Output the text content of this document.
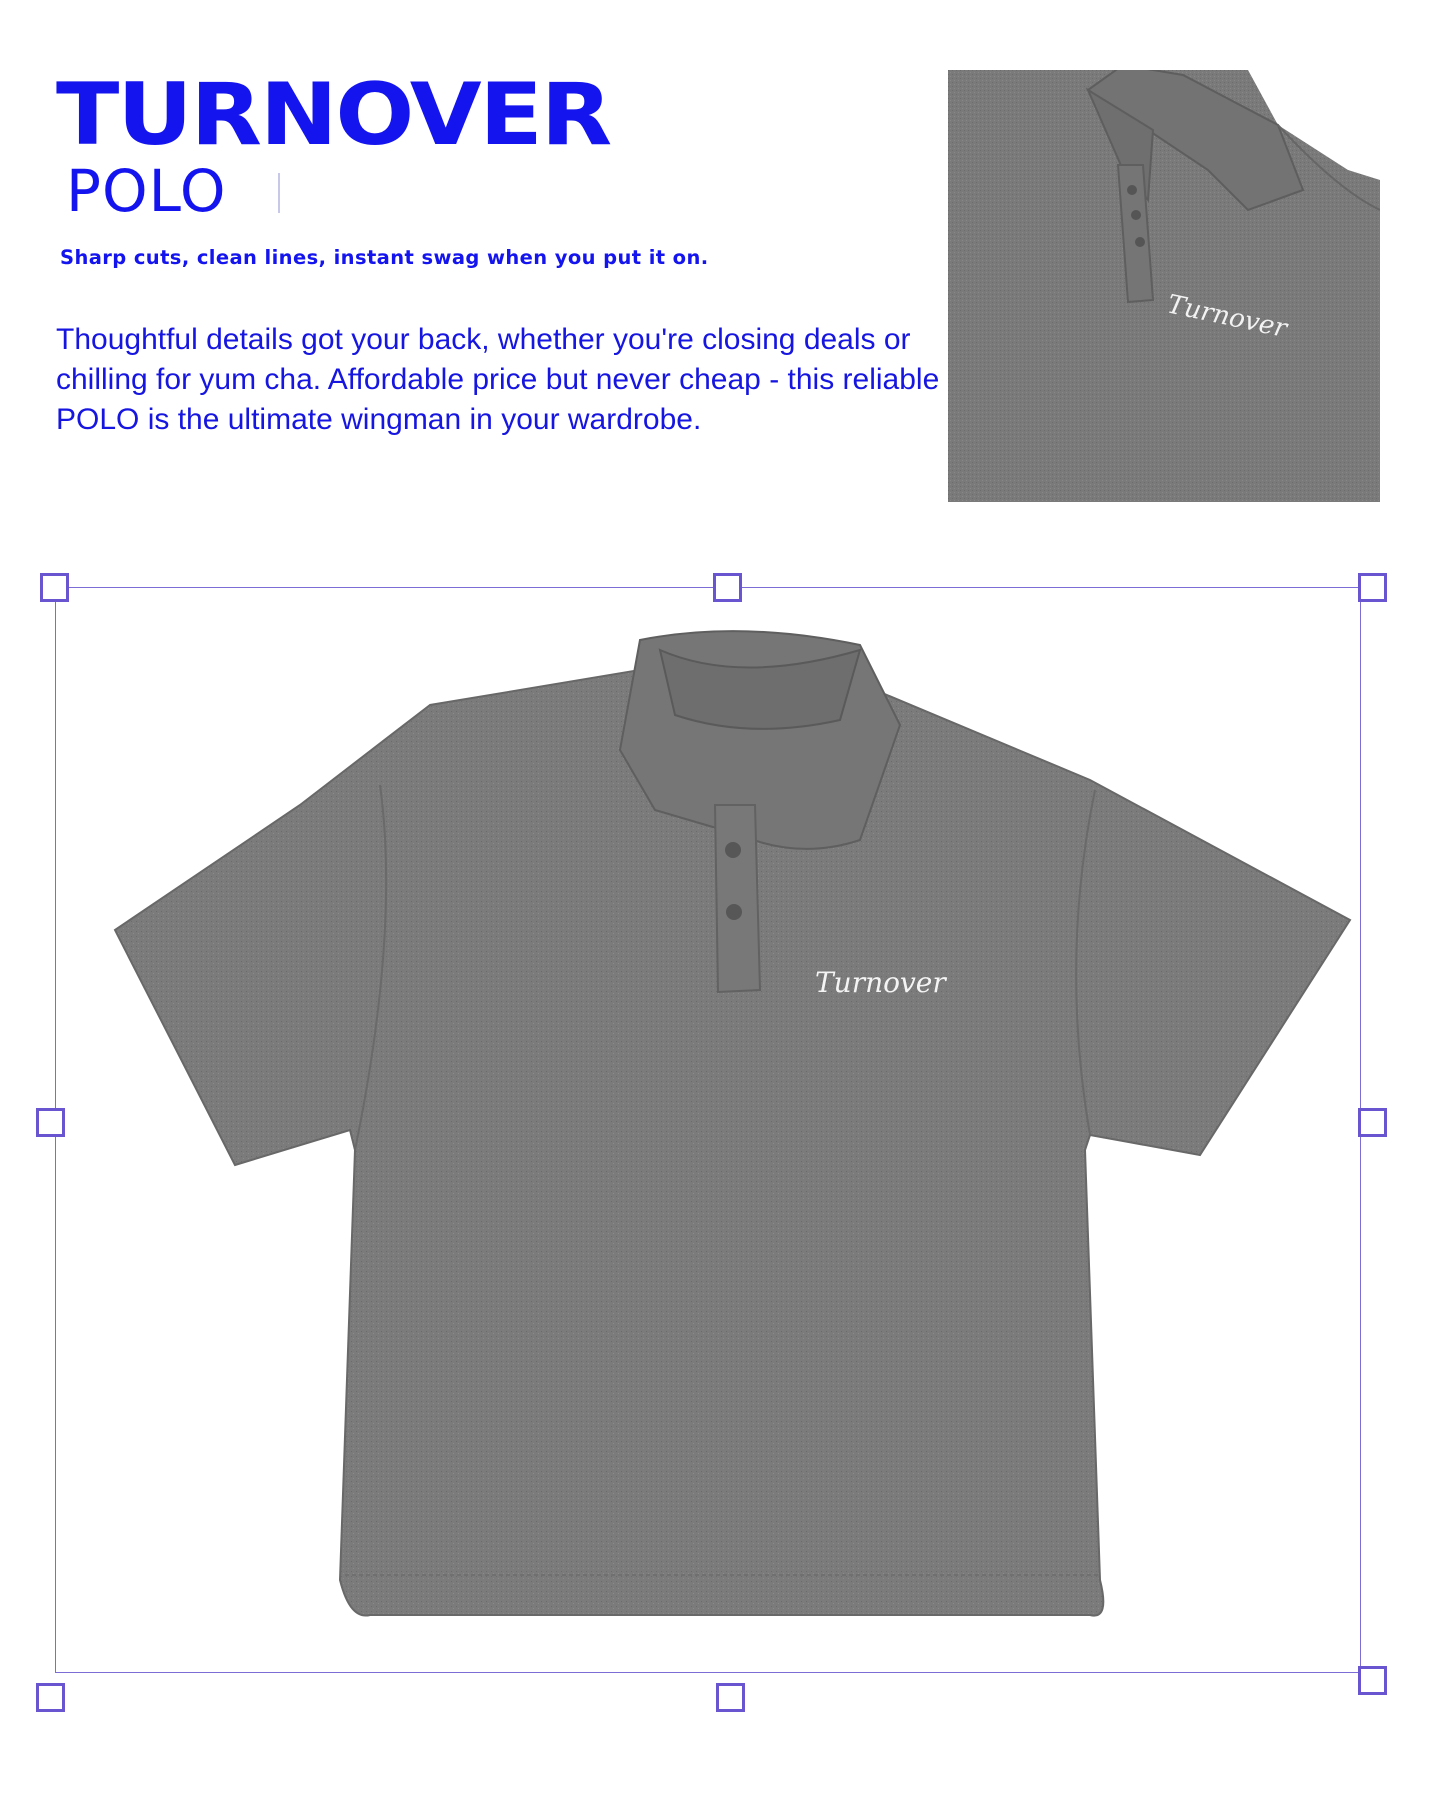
TURNOVER
POLO
Sharp cuts, clean lines, instant swag when you put it on.

Thoughtful details got your back, whether you're closing deals or
chilling for yum cha. Affordable price but never cheap - this reliable
POLO is the ultimate wingman in your wardrobe.

Turnover
Turnover
